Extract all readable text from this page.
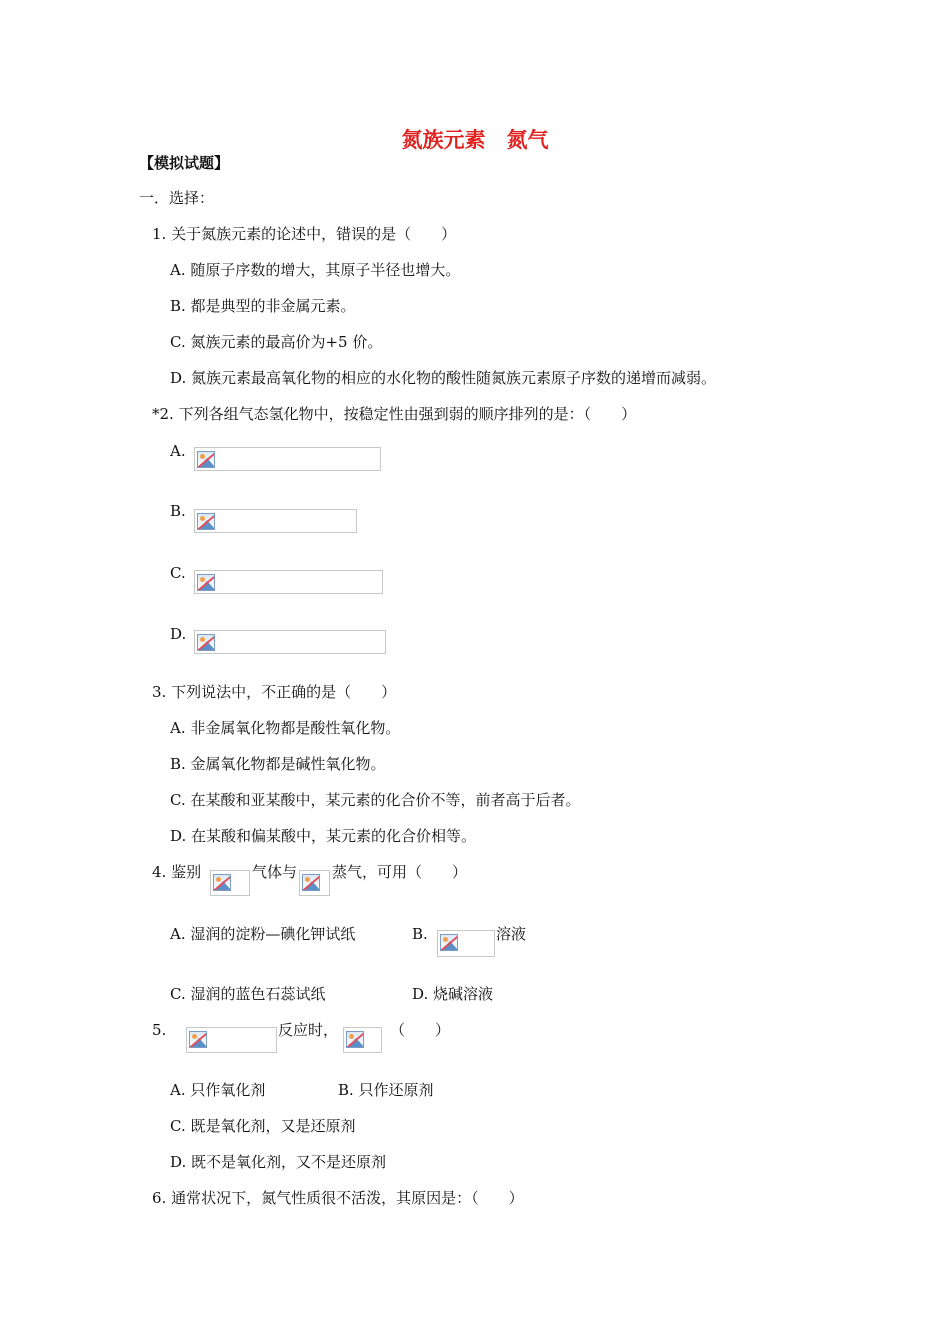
氮族元素　氮气
【模拟试题】
一．选择：
1. 关于氮族元素的论述中，错误的是（　　）
A. 随原子序数的增大，其原子半径也增大。
B. 都是典型的非金属元素。
C. 氮族元素的最高价为+5 价。
D. 氮族元素最高氧化物的相应的水化物的酸性随氮族元素原子序数的递增而减弱。
*2. 下列各组气态氢化物中，按稳定性由强到弱的顺序排列的是：（　　）
A.
B.
C.
D.
3. 下列说法中，不正确的是（　　）
A. 非金属氧化物都是酸性氧化物。
B. 金属氧化物都是碱性氧化物。
C. 在某酸和亚某酸中，某元素的化合价不等，前者高于后者。
D. 在某酸和偏某酸中，某元素的化合价相等。
4. 鉴别	气体与 蒸气，可用（　　）
A. 湿润的淀粉—碘化钾试纸	B.	溶液
C. 湿润的蓝色石蕊试纸	D. 烧碱溶液
5.	反应时，	（　　）
A. 只作氧化剂	B. 只作还原剂
C. 既是氧化剂，又是还原剂
D. 既不是氧化剂，又不是还原剂
6. 通常状况下，氮气性质很不活泼，其原因是：（　　）
